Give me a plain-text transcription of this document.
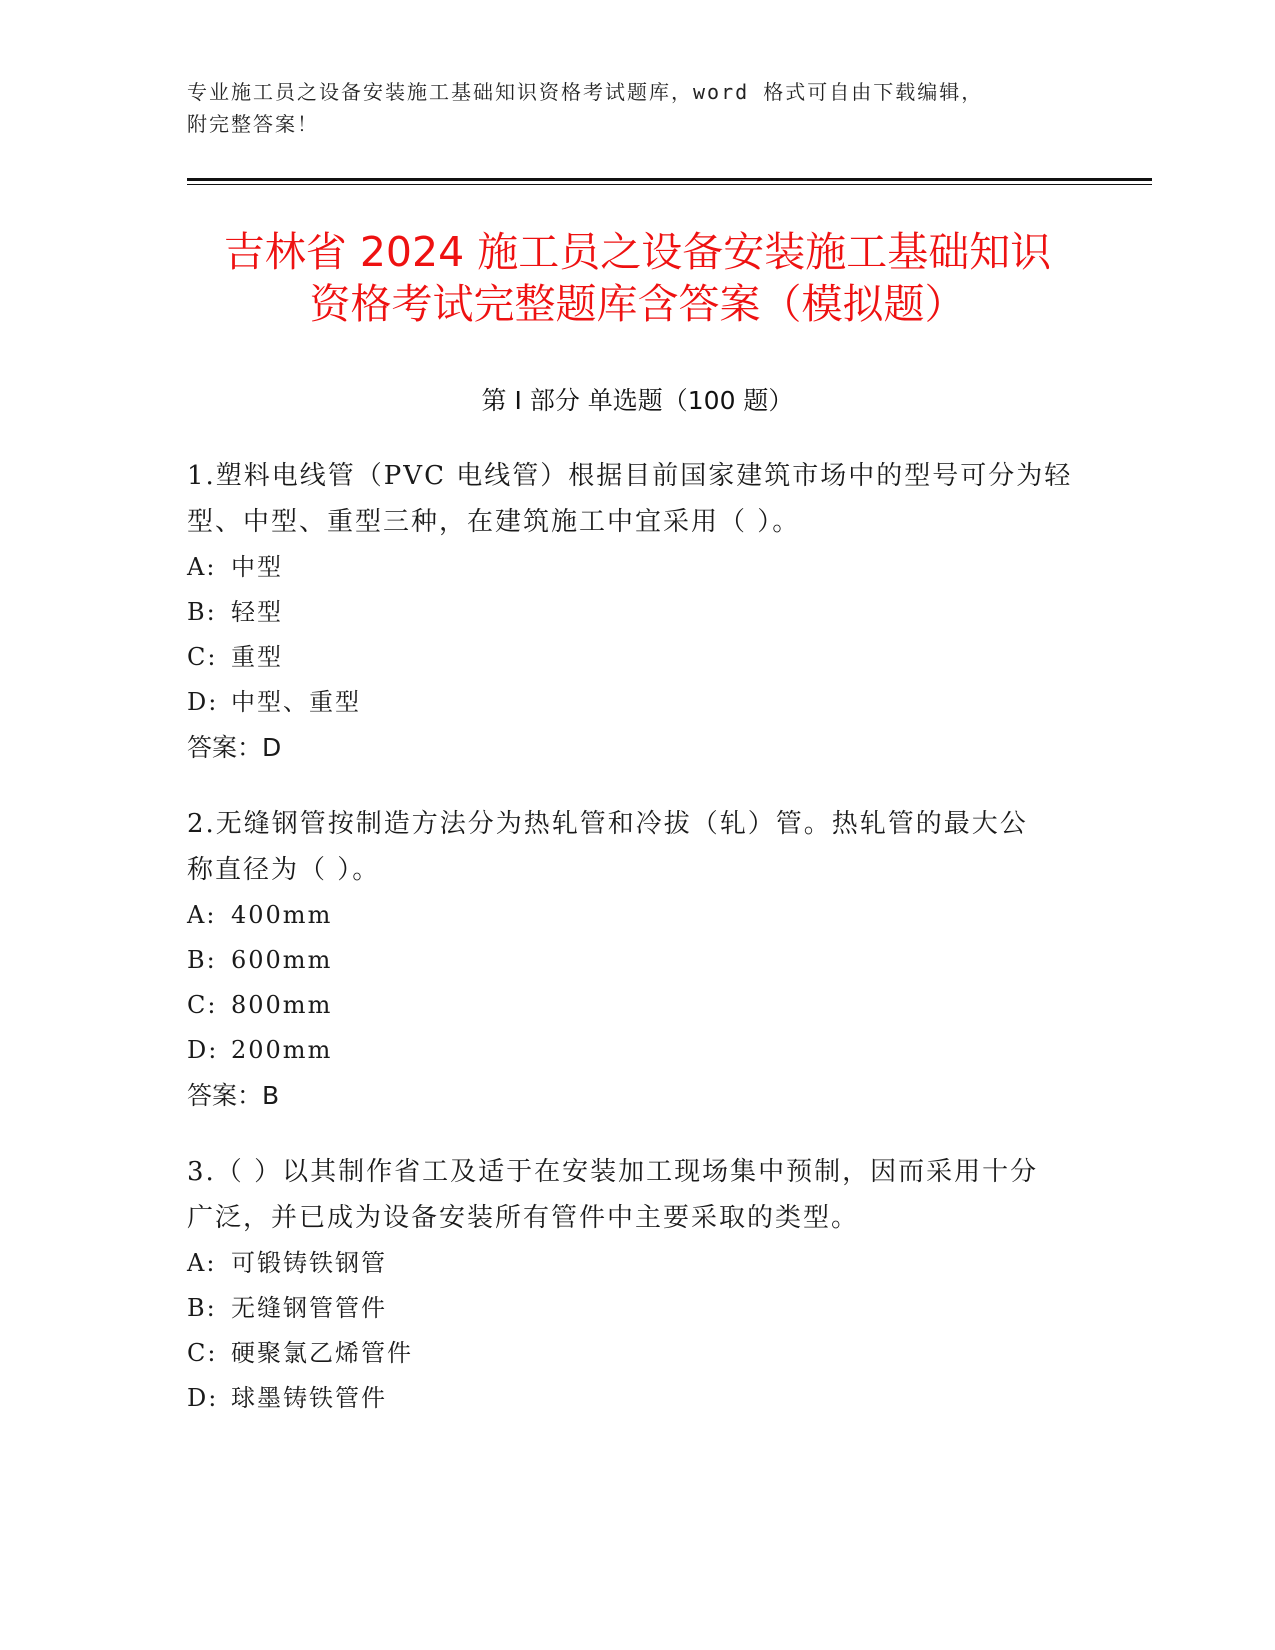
专业施工员之设备安装施工基础知识资格考试题库，word 格式可自由下载编辑，
附完整答案！
吉林省 2024 施工员之设备安装施工基础知识
资格考试完整题库含答案（模拟题）
第 I 部分 单选题（100 题）
1.塑料电线管（PVC 电线管）根据目前国家建筑市场中的型号可分为轻
型、中型、重型三种，在建筑施工中宜采用（ ）。
A: 中型
B: 轻型
C: 重型
D: 中型、重型
答案：D
2.无缝钢管按制造方法分为热轧管和冷拔（轧）管。热轧管的最大公
称直径为（ ）。
A: 400mm
B: 600mm
C: 800mm
D: 200mm
答案：B
3.（ ）以其制作省工及适于在安装加工现场集中预制，因而采用十分
广泛，并已成为设备安装所有管件中主要采取的类型。
A: 可锻铸铁钢管
B: 无缝钢管管件
C: 硬聚氯乙烯管件
D: 球墨铸铁管件
